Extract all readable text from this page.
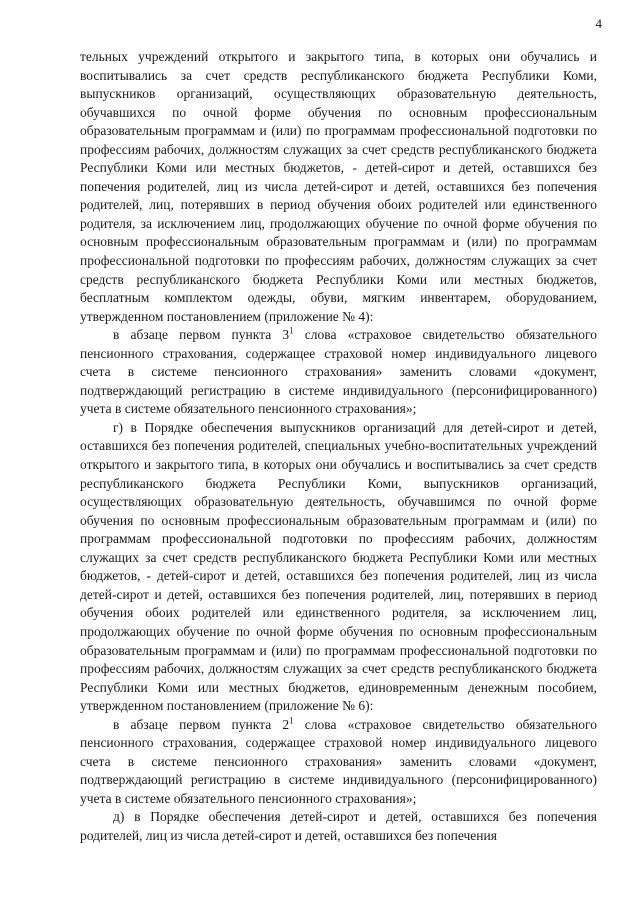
4

тельных учреждений открытого и закрытого типа, в которых они обучались и воспитывались за счет средств республиканского бюджета Республики Коми, выпускников организаций, осуществляющих образовательную деятельность, обучавшихся по очной форме обучения по основным профессиональным образовательным программам и (или) по программам профессиональной подготовки по профессиям рабочих, должностям служащих за счет средств республиканского бюджета Республики Коми или местных бюджетов, - детей-сирот и детей, оставшихся без попечения родителей, лиц из числа детей-сирот и детей, оставшихся без попечения родителей, лиц, потерявших в период обучения обоих родителей или единственного родителя, за исключением лиц, продолжающих обучение по очной форме обучения по основным профессиональным образовательным программам и (или) по программам профессиональной подготовки по профессиям рабочих, должностям служащих за счет средств республиканского бюджета Республики Коми или местных бюджетов, бесплатным комплектом одежды, обуви, мягким инвентарем, оборудованием, утвержденном постановлением (приложение № 4):

в абзаце первом пункта $3^1$ слова «страховое свидетельство обязательного пенсионного страхования, содержащее страховой номер индивидуального лицевого счета в системе пенсионного страхования» заменить словами «документ, подтверждающий регистрацию в системе индивидуального (персонифицированного) учета в системе обязательного пенсионного страхования»;

г) в Порядке обеспечения выпускников организаций для детей-сирот и детей, оставшихся без попечения родителей, специальных учебно-воспитательных учреждений открытого и закрытого типа, в которых они обучались и воспитывались за счет средств республиканского бюджета Республики Коми, выпускников организаций, осуществляющих образовательную деятельность, обучавшимся по очной форме обучения по основным профессиональным образовательным программам и (или) по программам профессиональной подготовки по профессиям рабочих, должностям служащих за счет средств республиканского бюджета Республики Коми или местных бюджетов, - детей-сирот и детей, оставшихся без попечения родителей, лиц из числа детей-сирот и детей, оставшихся без попечения родителей, лиц, потерявших в период обучения обоих родителей или единственного родителя, за исключением лиц, продолжающих обучение по очной форме обучения по основным профессиональным образовательным программам и (или) по программам профессиональной подготовки по профессиям рабочих, должностям служащих за счет средств республиканского бюджета Республики Коми или местных бюджетов, единовременным денежным пособием, утвержденном постановлением (приложение № 6):

в абзаце первом пункта $2^1$ слова «страховое свидетельство обязательного пенсионного страхования, содержащее страховой номер индивидуального лицевого счета в системе пенсионного страхования» заменить словами «документ, подтверждающий регистрацию в системе индивидуального (персонифицированного) учета в системе обязательного пенсионного страхования»;

д) в Порядке обеспечения детей-сирот и детей, оставшихся без попечения родителей, лиц из числа детей-сирот и детей, оставшихся без попечения
